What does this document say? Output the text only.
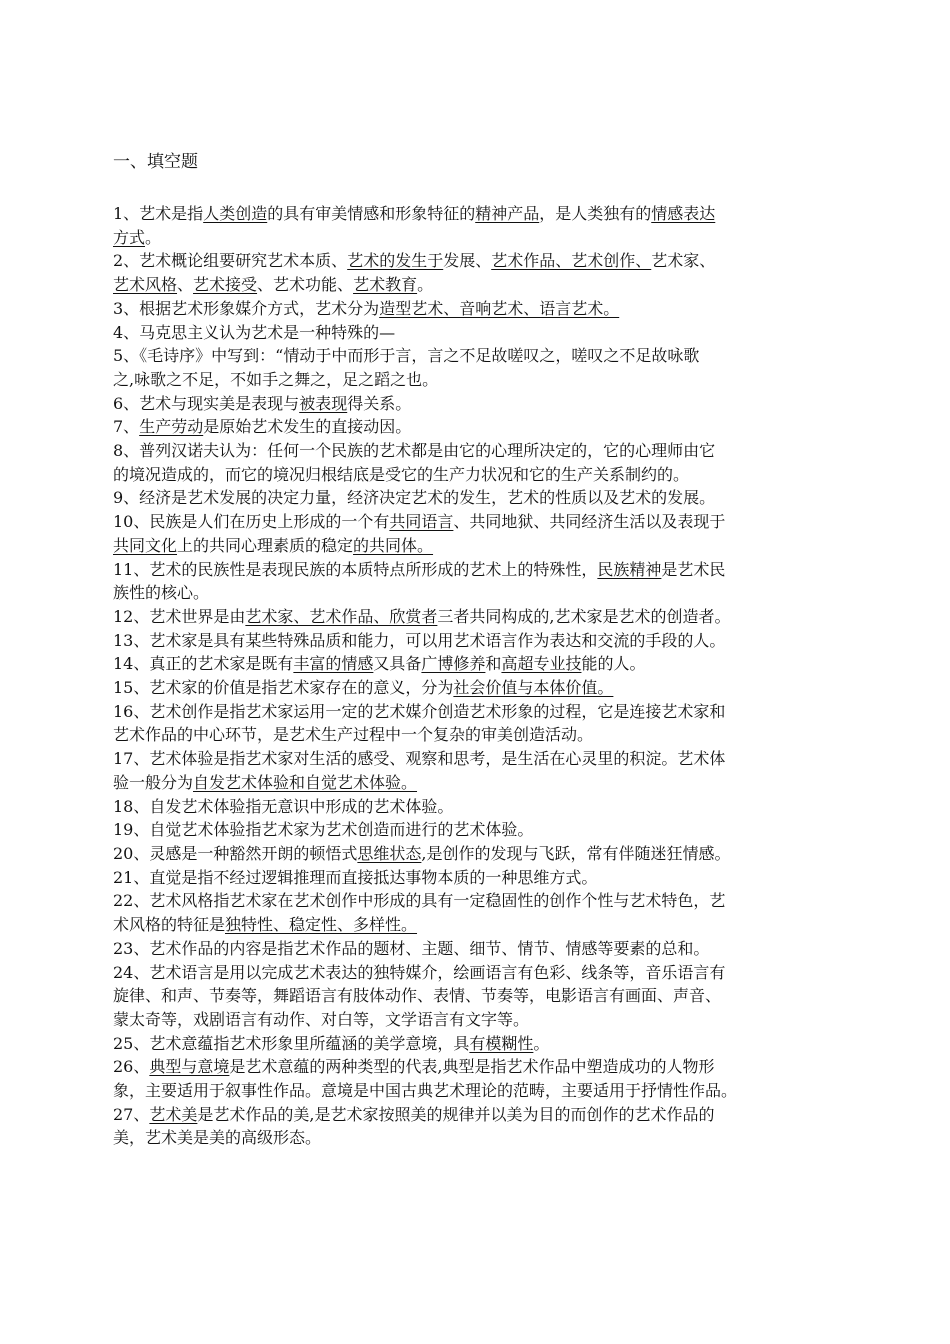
一、填空题
1、艺术是指人类创造的具有审美情感和形象特征的精神产品，是人类独有的情感表达
方式。
2、艺术概论组要研究艺术本质、艺术的发生于发展、艺术作品、艺术创作、艺术家、
艺术风格、艺术接受、艺术功能、艺术教育。
3、根据艺术形象媒介方式，艺术分为造型艺术、音响艺术、语言艺术。
4、马克思主义认为艺术是一种特殊的—
5、《毛诗序》中写到：“情动于中而形于言，言之不足故嗟叹之，嗟叹之不足故咏歌
之,咏歌之不足，不如手之舞之，足之蹈之也。
6、艺术与现实美是表现与被表现得关系。
7、生产劳动是原始艺术发生的直接动因。
8、普列汉诺夫认为：任何一个民族的艺术都是由它的心理所决定的，它的心理师由它
的境况造成的，而它的境况归根结底是受它的生产力状况和它的生产关系制约的。
9、经济是艺术发展的决定力量，经济决定艺术的发生，艺术的性质以及艺术的发展。
10、民族是人们在历史上形成的一个有共同语言、共同地狱、共同经济生活以及表现于
共同文化上的共同心理素质的稳定的共同体。
11、艺术的民族性是表现民族的本质特点所形成的艺术上的特殊性，民族精神是艺术民
族性的核心。
12、艺术世界是由艺术家、艺术作品、欣赏者三者共同构成的,艺术家是艺术的创造者。
13、艺术家是具有某些特殊品质和能力，可以用艺术语言作为表达和交流的手段的人。
14、真正的艺术家是既有丰富的情感又具备广博修养和高超专业技能的人。
15、艺术家的价值是指艺术家存在的意义，分为社会价值与本体价值。
16、艺术创作是指艺术家运用一定的艺术媒介创造艺术形象的过程，它是连接艺术家和
艺术作品的中心环节，是艺术生产过程中一个复杂的审美创造活动。
17、艺术体验是指艺术家对生活的感受、观察和思考，是生活在心灵里的积淀。艺术体
验一般分为自发艺术体验和自觉艺术体验。
18、自发艺术体验指无意识中形成的艺术体验。
19、自觉艺术体验指艺术家为艺术创造而进行的艺术体验。
20、灵感是一种豁然开朗的顿悟式思维状态,是创作的发现与飞跃，常有伴随迷狂情感。
21、直觉是指不经过逻辑推理而直接抵达事物本质的一种思维方式。
22、艺术风格指艺术家在艺术创作中形成的具有一定稳固性的创作个性与艺术特色，艺
术风格的特征是独特性、稳定性、多样性。
23、艺术作品的内容是指艺术作品的题材、主题、细节、情节、情感等要素的总和。
24、艺术语言是用以完成艺术表达的独特媒介，绘画语言有色彩、线条等，音乐语言有
旋律、和声、节奏等，舞蹈语言有肢体动作、表情、节奏等，电影语言有画面、声音、
蒙太奇等，戏剧语言有动作、对白等，文学语言有文字等。
25、艺术意蕴指艺术形象里所蕴涵的美学意境，具有模糊性。
26、典型与意境是艺术意蕴的两种类型的代表,典型是指艺术作品中塑造成功的人物形
象，主要适用于叙事性作品。意境是中国古典艺术理论的范畴，主要适用于抒情性作品。
27、艺术美是艺术作品的美,是艺术家按照美的规律并以美为目的而创作的艺术作品的
美，艺术美是美的高级形态。
